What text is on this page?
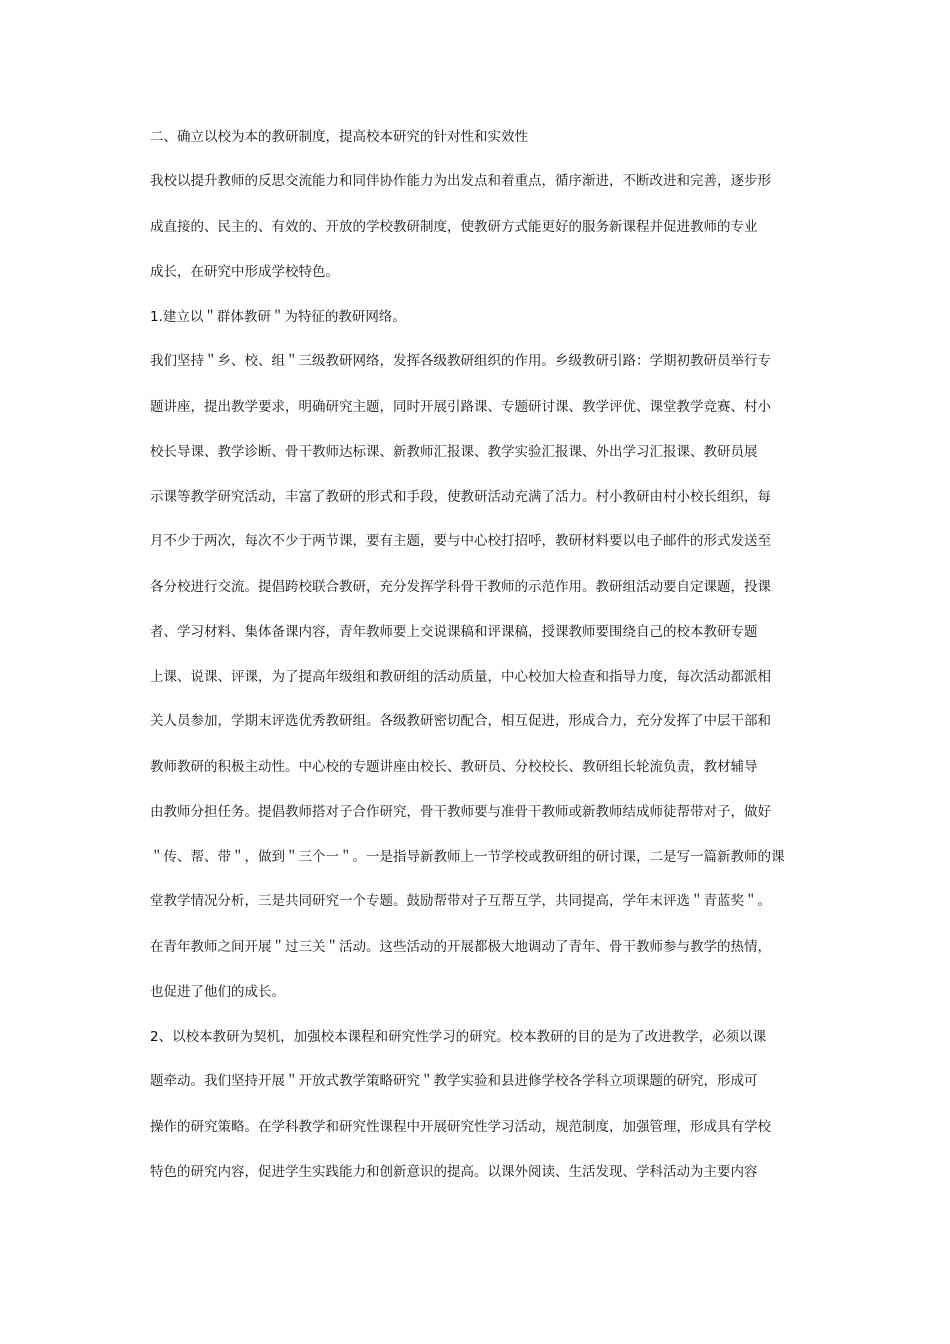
二、确立以校为本的教研制度，提高校本研究的针对性和实效性
我校以提升教师的反思交流能力和同伴协作能力为出发点和着重点，循序渐进，不断改进和完善，逐步形
成直接的、民主的、有效的、开放的学校教研制度，使教研方式能更好的服务新课程并促进教师的专业
成长，在研究中形成学校特色。
1.建立以＂群体教研＂为特征的教研网络。
我们坚持＂乡、校、组＂三级教研网络，发挥各级教研组织的作用。乡级教研引路：学期初教研员举行专
题讲座，提出教学要求，明确研究主题，同时开展引路课、专题研讨课、教学评优、课堂教学竞赛、村小
校长导课、教学诊断、骨干教师达标课、新教师汇报课、教学实验汇报课、外出学习汇报课、教研员展
示课等教学研究活动，丰富了教研的形式和手段，使教研活动充满了活力。村小教研由村小校长组织，每
月不少于两次，每次不少于两节课，要有主题，要与中心校打招呼，教研材料要以电子邮件的形式发送至
各分校进行交流。提倡跨校联合教研，充分发挥学科骨干教师的示范作用。教研组活动要自定课题，投课
者、学习材料、集体备课内容，青年教师要上交说课稿和评课稿，授课教师要围绕自己的校本教研专题
上课、说课、评课，为了提高年级组和教研组的活动质量，中心校加大检查和指导力度，每次活动都派相
关人员参加，学期末评选优秀教研组。各级教研密切配合，相互促进，形成合力，充分发挥了中层干部和
教师教研的积极主动性。中心校的专题讲座由校长、教研员、分校校长、教研组长轮流负责，教材辅导
由教师分担任务。提倡教师搭对子合作研究，骨干教师要与准骨干教师或新教师结成师徒帮带对子，做好
＂传、帮、带＂，做到＂三个一＂。一是指导新教师上一节学校或教研组的研讨课，二是写一篇新教师的课
堂教学情况分析，三是共同研究一个专题。鼓励帮带对子互帮互学，共同提高，学年末评选＂青蓝奖＂。
在青年教师之间开展＂过三关＂活动。这些活动的开展都极大地调动了青年、骨干教师参与教学的热情，
也促进了他们的成长。
2、以校本教研为契机，加强校本课程和研究性学习的研究。校本教研的目的是为了改进教学，必须以课
题牵动。我们坚持开展＂开放式教学策略研究＂教学实验和县进修学校各学科立项课题的研究，形成可
操作的研究策略。在学科教学和研究性课程中开展研究性学习活动，规范制度，加强管理，形成具有学校
特色的研究内容，促进学生实践能力和创新意识的提高。以课外阅读、生活发现、学科活动为主要内容
